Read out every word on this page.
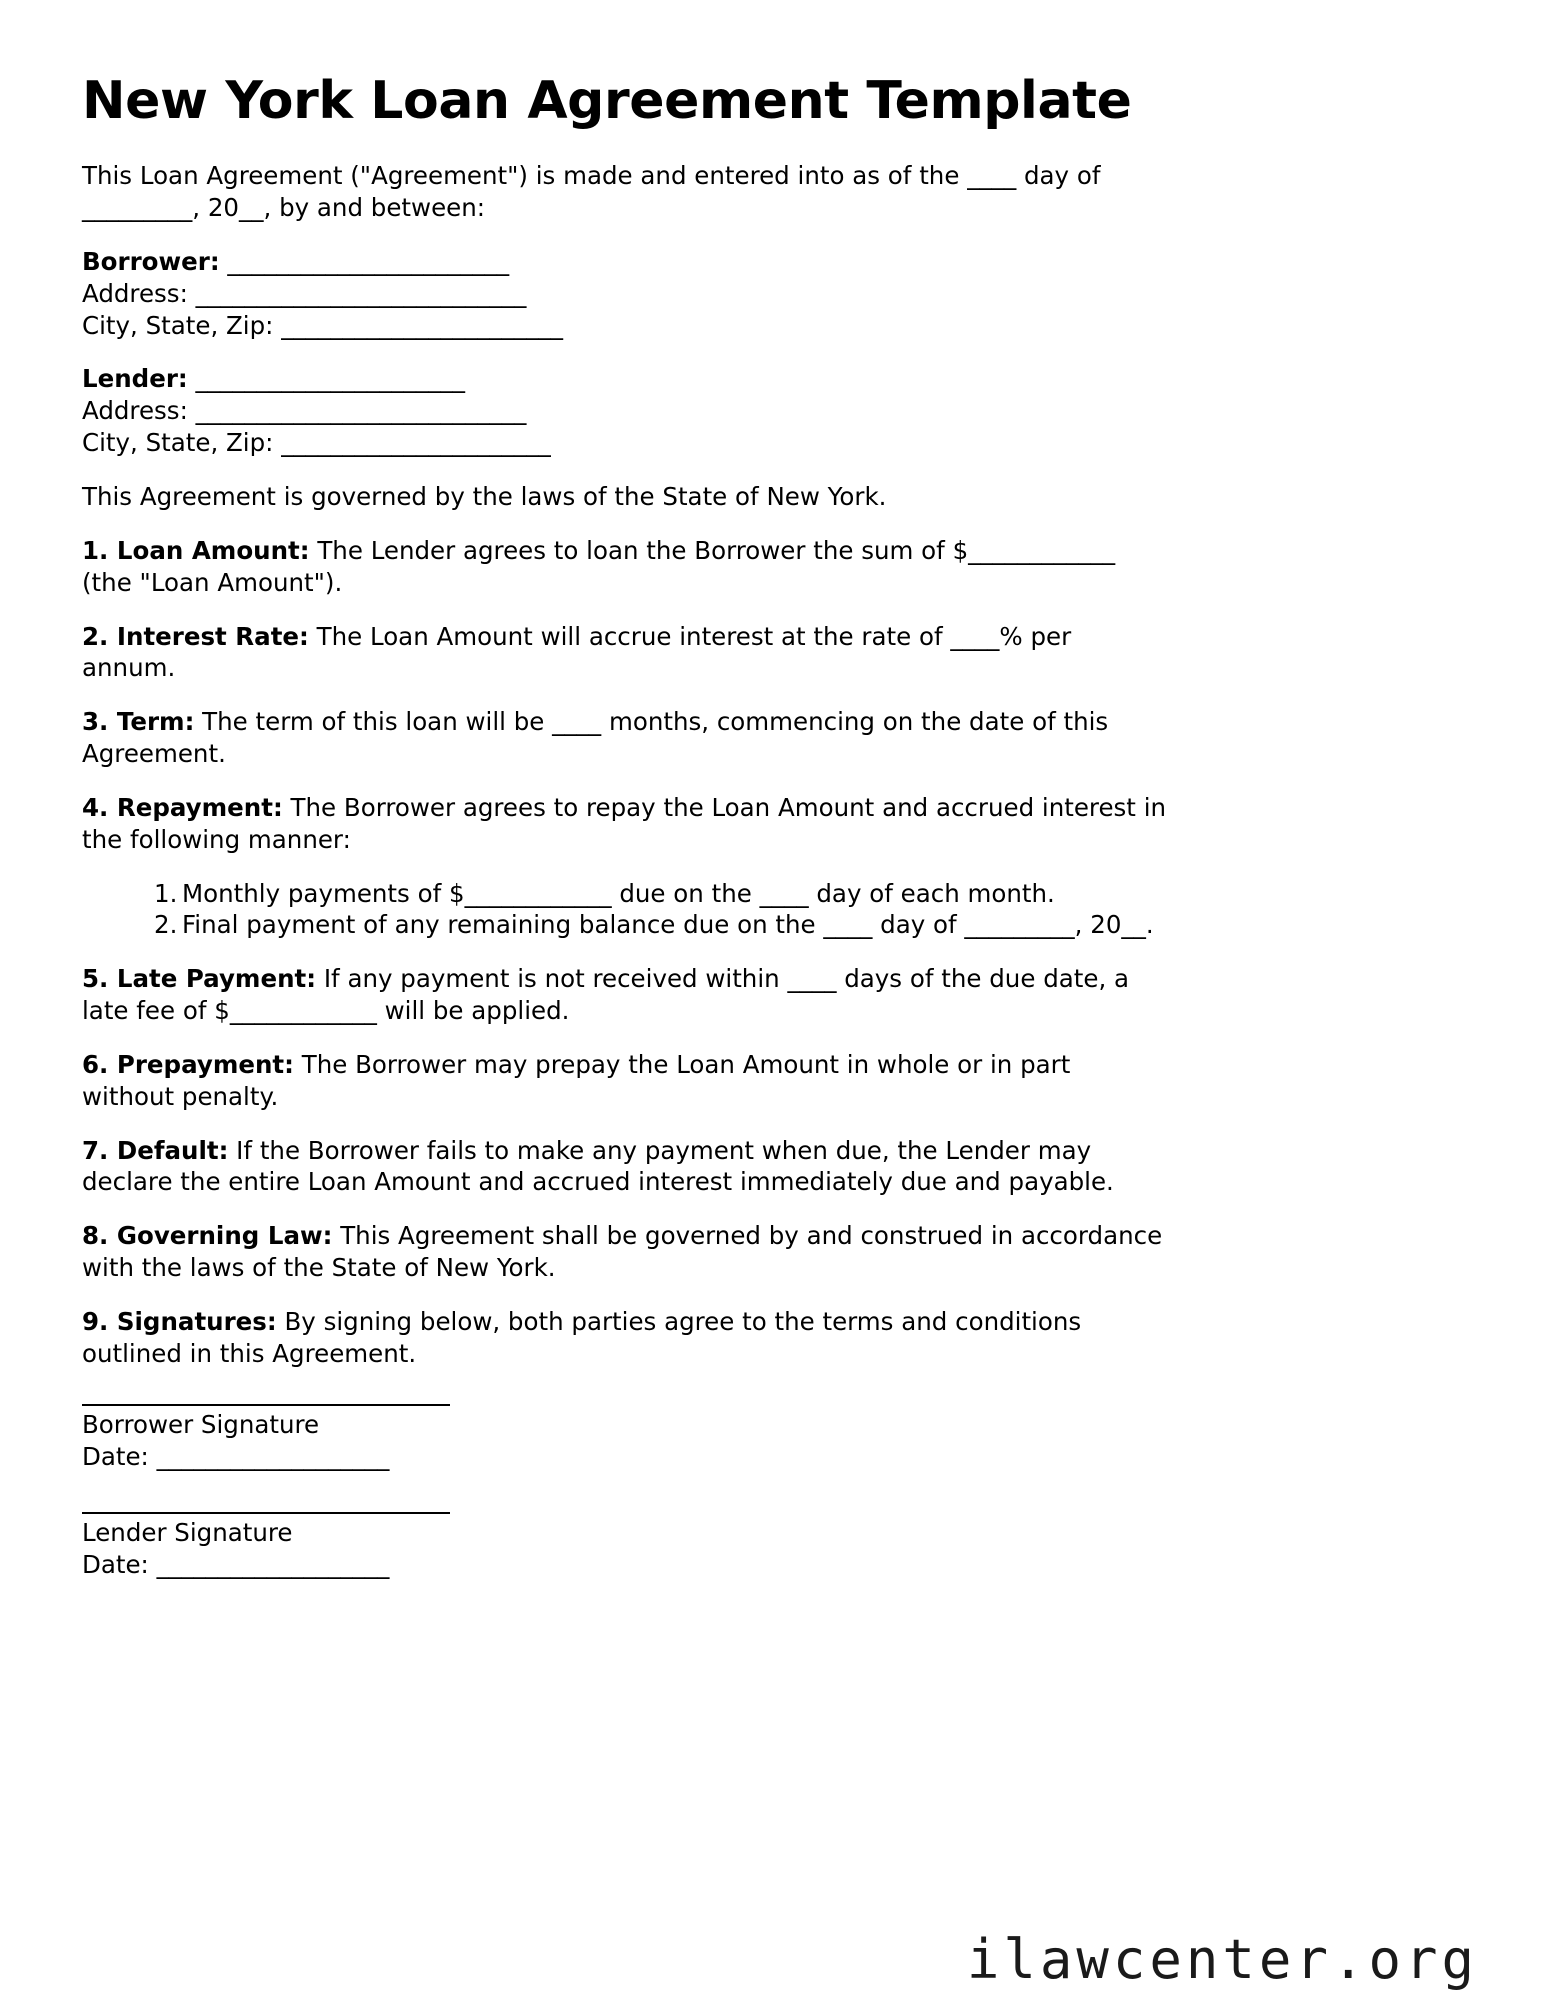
New York Loan Agreement Template

This Loan Agreement ("Agreement") is made and entered into as of the ____ day of _________, 20__, by and between:

Borrower: _______________________
Address: ___________________________
City, State, Zip: _______________________
Lender: ______________________
Address: ___________________________
City, State, Zip: ______________________

This Agreement is governed by the laws of the State of New York.

1. Loan Amount: The Lender agrees to loan the Borrower the sum of $____________ (the "Loan Amount").

2. Interest Rate: The Loan Amount will accrue interest at the rate of ____% per annum.

3. Term: The term of this loan will be ____ months, commencing on the date of this Agreement.

4. Repayment: The Borrower agrees to repay the Loan Amount and accrued interest in the following manner:

1. Monthly payments of $____________ due on the ____ day of each month.
2. Final payment of any remaining balance due on the ____ day of _________, 20__.

5. Late Payment: If any payment is not received within ____ days of the due date, a late fee of $____________ will be applied.

6. Prepayment: The Borrower may prepay the Loan Amount in whole or in part without penalty.

7. Default: If the Borrower fails to make any payment when due, the Lender may declare the entire Loan Amount and accrued interest immediately due and payable.

8. Governing Law: This Agreement shall be governed by and construed in accordance with the laws of the State of New York.

9. Signatures: By signing below, both parties agree to the terms and conditions outlined in this Agreement.

Borrower Signature
Date: ___________________
Lender Signature
Date: ___________________
ilawcenter.org
